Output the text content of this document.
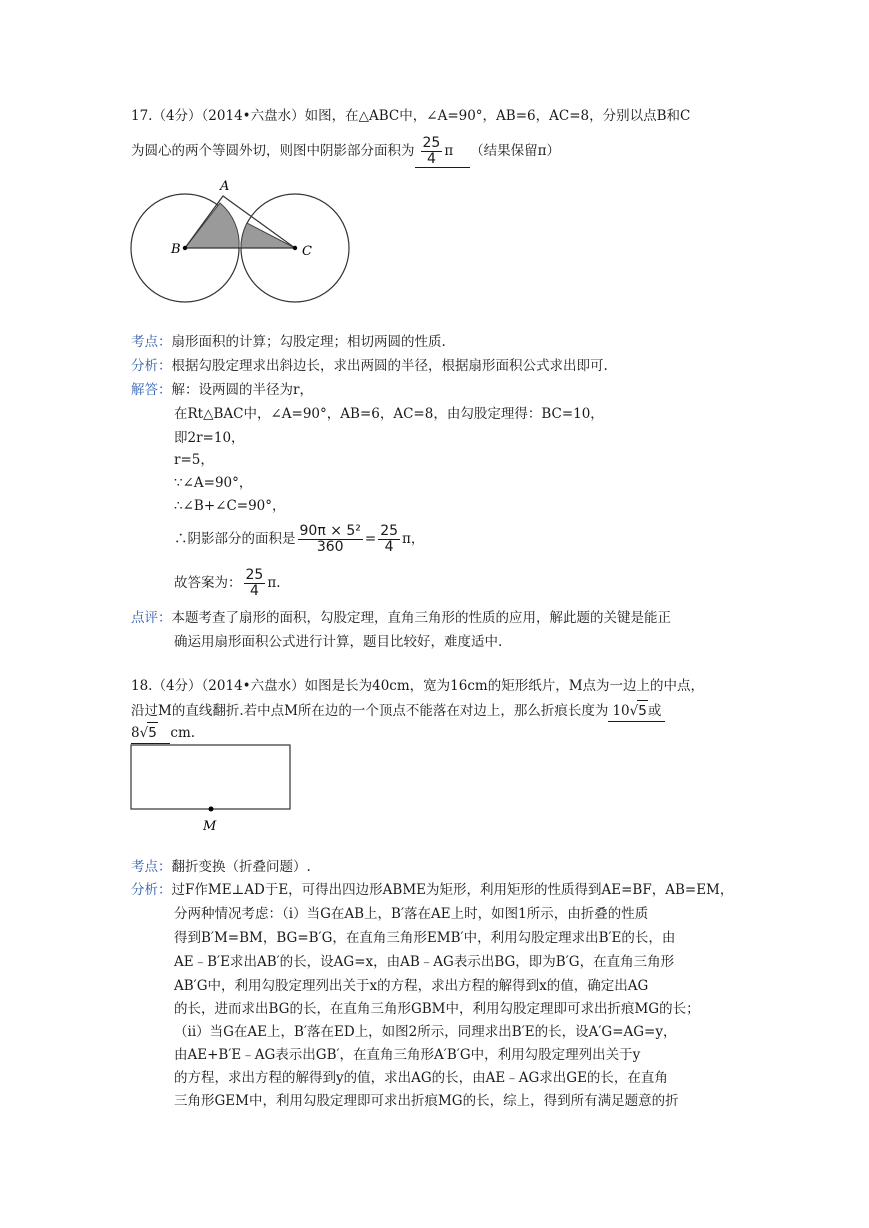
17.（4分）（2014•六盘水）如图，在△ABC中，∠A=90°，AB=6，AC=8，分别以点B和C
为圆心的两个等圆外切，则图中阴影部分面积为 $\frac{25}{4}$ π （结果保留π）
A
B	C
考点：扇形面积的计算；勾股定理；相切两圆的性质.
分析：根据勾股定理求出斜边长，求出两圆的半径，根据扇形面积公式求出即可.
解答：解：设两圆的半径为r，
在Rt△BAC中，∠A=90°，AB=6，AC=8，由勾股定理得：BC=10，
即2r=10，
r=5，
∵∠A=90°，
∴∠B+∠C=90°，
∴阴影部分的面积是 $\frac{\text{90π × 5²}}{360} = \frac{25}{4}$ π，
故答案为： $\frac{25}{4} \pi$.
点评：本题考查了扇形的面积，勾股定理，直角三角形的性质的应用，解此题的关键是能正
确运用扇形面积公式进行计算，题目比较好，难度适中.
18.（4分）（2014•六盘水）如图是长为40cm，宽为16cm的矩形纸片，M点为一边上的中点，
沿过M的直线翻折.若中点M所在边的一个顶点不能落在对边上，那么折痕长度为 10√5或
8√5 cm.
M
考点：翻折变换（折叠问题）.
分析：过F作ME⊥AD于E，可得出四边形ABME为矩形，利用矩形的性质得到AE=BF，AB=EM，
分两种情况考虑：（i）当G在AB上，B′落在AE上时，如图1所示，由折叠的性质
得到B′M=BM，BG=B′G，在直角三角形EMB′中，利用勾股定理求出B′E的长，由
AE﹣B′E求出AB′的长，设AG=x，由AB﹣AG表示出BG，即为B′G，在直角三角形
AB′G中，利用勾股定理列出关于x的方程，求出方程的解得到x的值，确定出AG
的长，进而求出BG的长，在直角三角形GBM中，利用勾股定理即可求出折痕MG的长；
（ii）当G在AE上，B′落在ED上，如图2所示，同理求出B′E的长，设A′G=AG=y，
由AE+B′E﹣AG表示出GB′，在直角三角形A′B′G中，利用勾股定理列出关于y
的方程，求出方程的解得到y的值，求出AG的长，由AE﹣AG求出GE的长，在直角
三角形GEM中，利用勾股定理即可求出折痕MG的长，综上，得到所有满足题意的折
